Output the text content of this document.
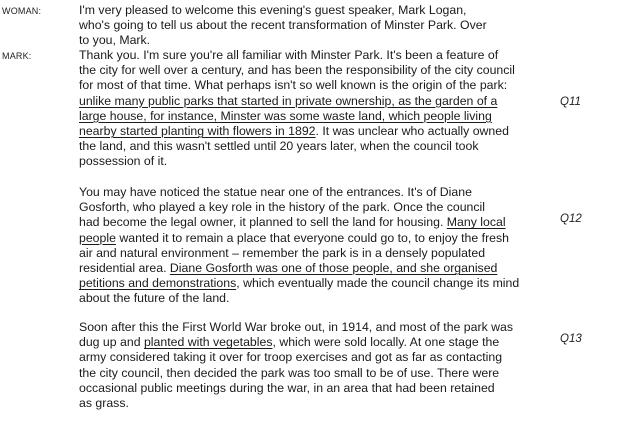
WOMAN:	I'm very pleased to welcome this evening's guest speaker, Mark Logan,
who's going to tell us about the recent transformation of Minster Park. Over
to you, Mark.
MARK:	Thank you. I'm sure you're all familiar with Minster Park. It's been a feature of
the city for well over a century, and has been the responsibility of the city council
for most of that time. What perhaps isn't so well known is the origin of the park:
unlike many public parks that started in private ownership, as the garden of a
large house, for instance, Minster was some waste land, which people living
nearby started planting with flowers in 1892. It was unclear who actually owned
the land, and this wasn't settled until 20 years later, when the council took
possession of it.
Q11
You may have noticed the statue near one of the entrances. It's of Diane
Gosforth, who played a key role in the history of the park. Once the council
had become the legal owner, it planned to sell the land for housing. Many local
people wanted it to remain a place that everyone could go to, to enjoy the fresh
air and natural environment – remember the park is in a densely populated
residential area. Diane Gosforth was one of those people, and she organised
petitions and demonstrations, which eventually made the council change its mind
about the future of the land.
Q12
Soon after this the First World War broke out, in 1914, and most of the park was
dug up and planted with vegetables, which were sold locally. At one stage the
army considered taking it over for troop exercises and got as far as contacting
the city council, then decided the park was too small to be of use. There were
occasional public meetings during the war, in an area that had been retained
as grass.
Q13
